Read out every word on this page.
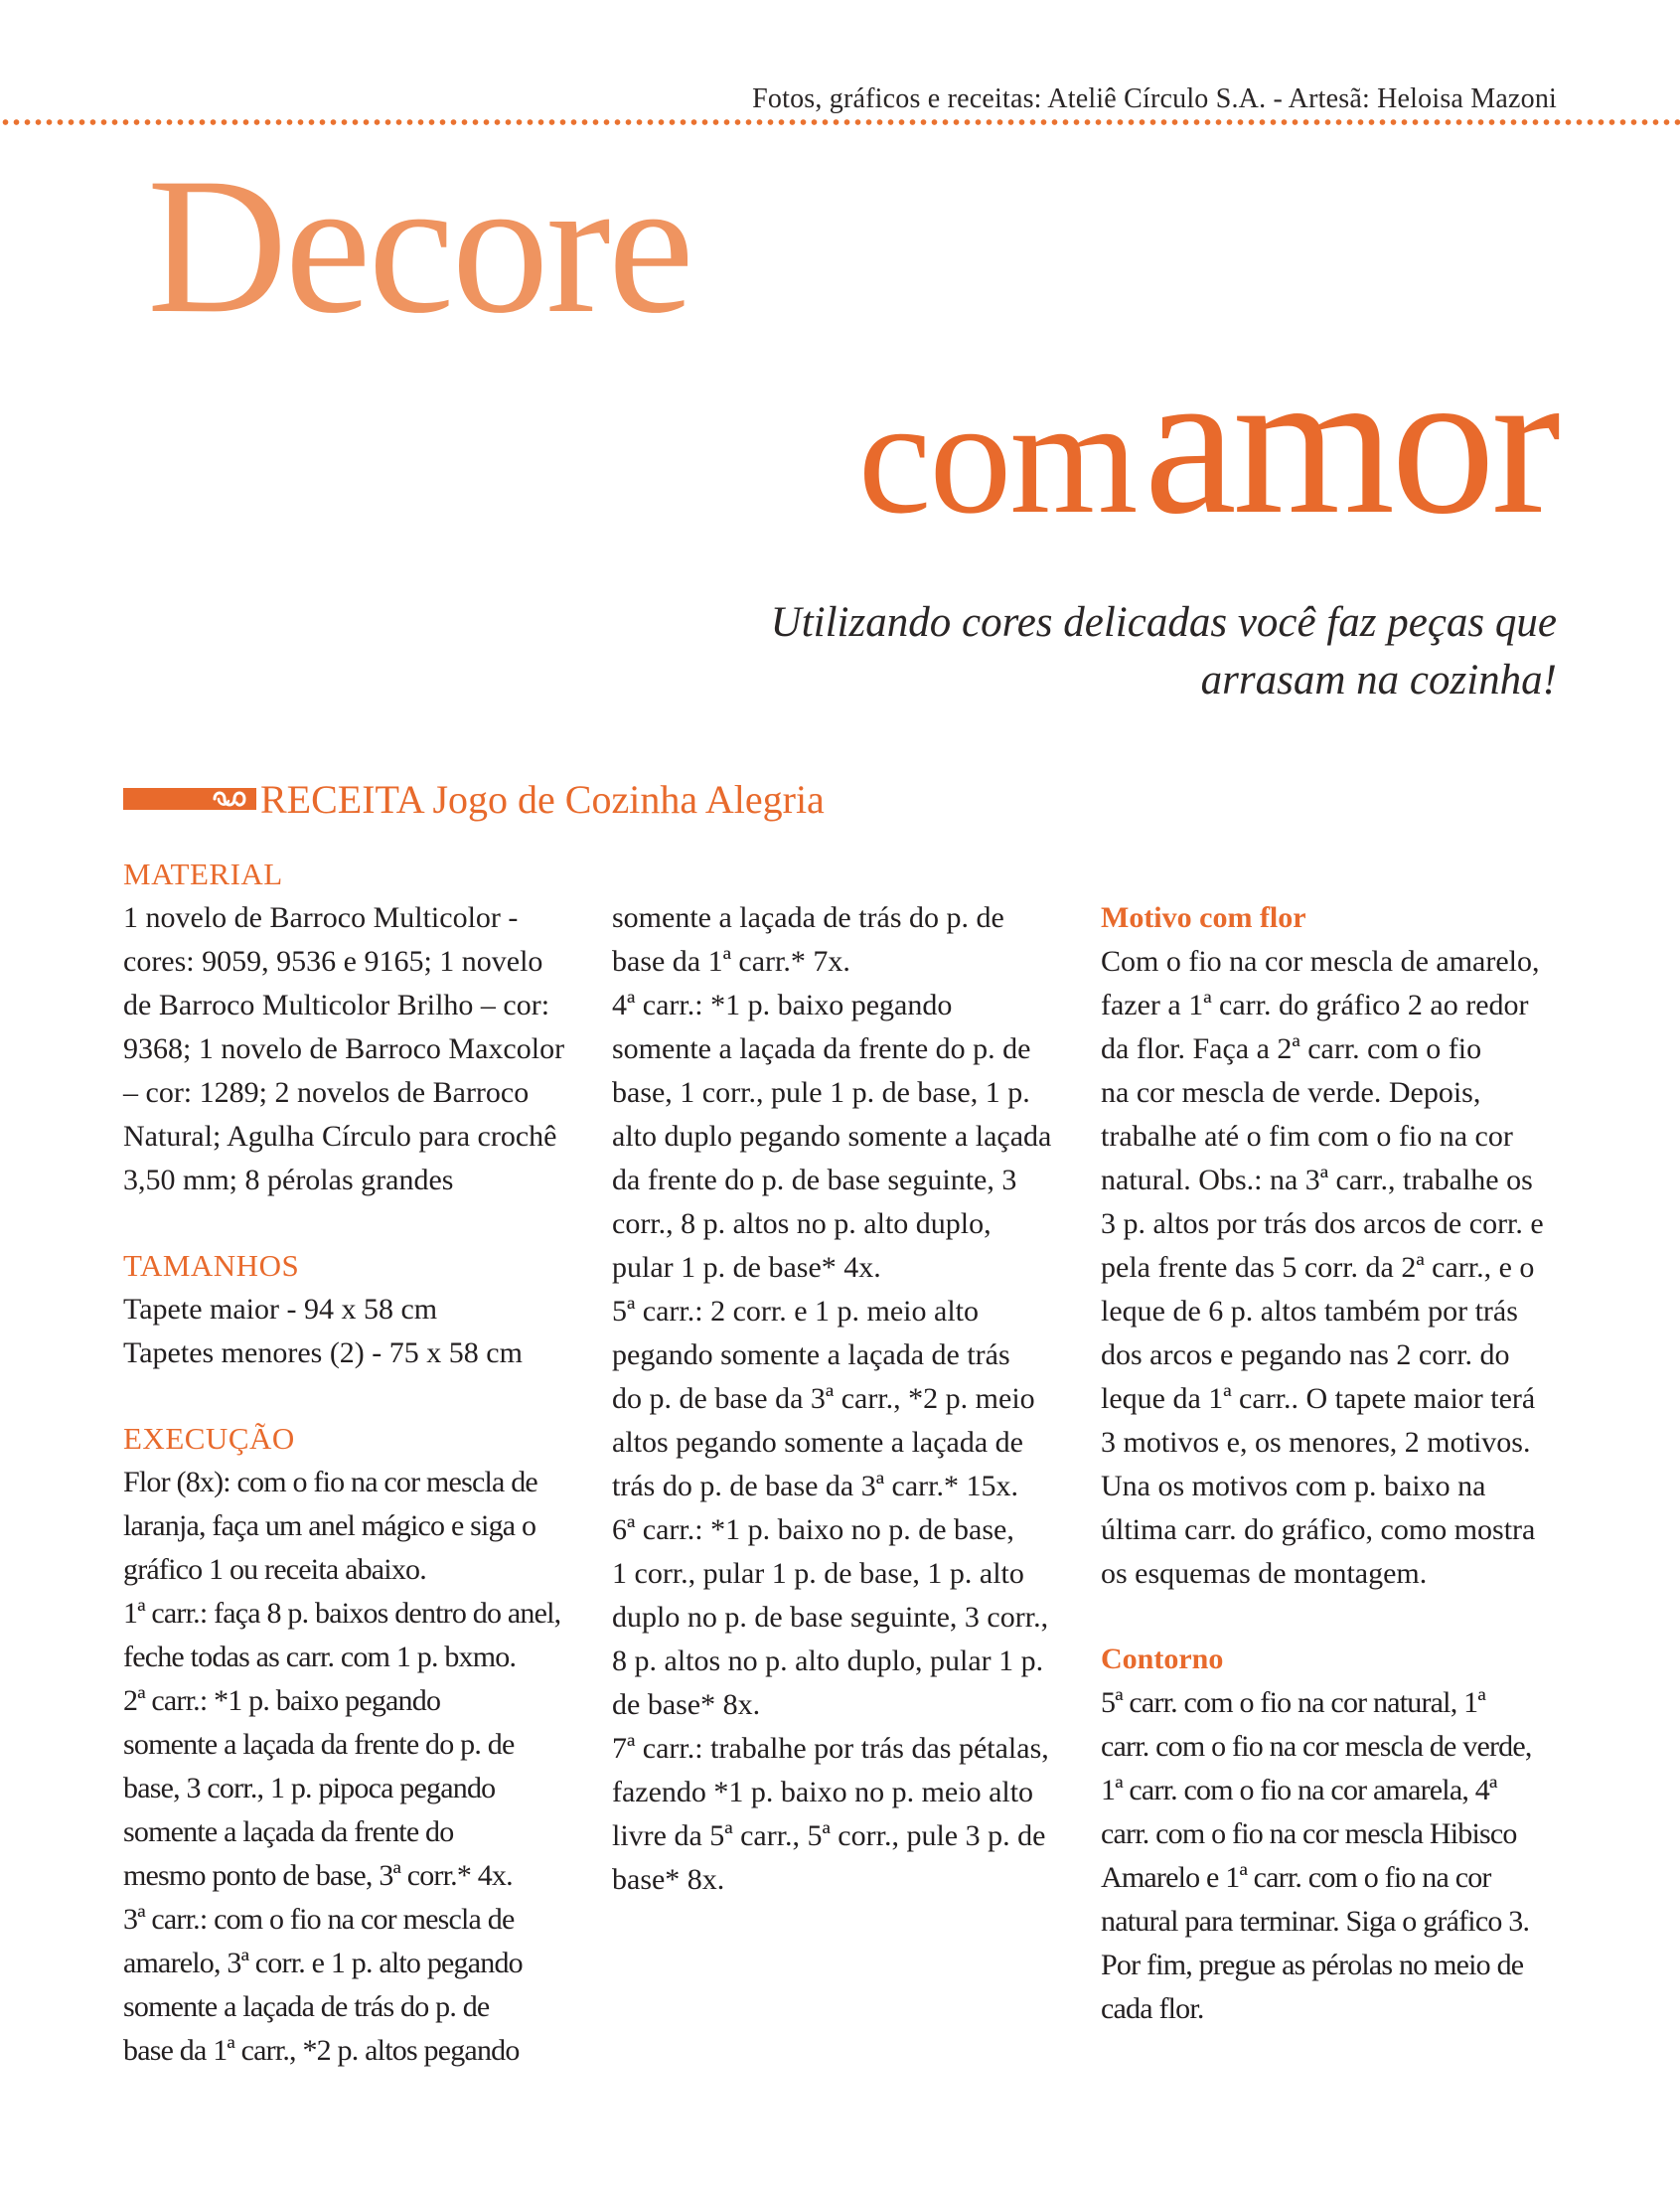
Fotos, gráficos e receitas: Ateliê Círculo S.A. - Artesã: Heloisa Mazoni
Decore
com amor
Utilizando cores delicadas você faz peças que
arrasam na cozinha!
RECEITA Jogo de Cozinha Alegria

MATERIAL

1 novelo de Barroco Multicolor -

cores: 9059, 9536 e 9165; 1 novelo

de Barroco Multicolor Brilho – cor:

9368; 1 novelo de Barroco Maxcolor

– cor: 1289; 2 novelos de Barroco

Natural; Agulha Círculo para crochê

3,50 mm; 8 pérolas grandes

TAMANHOS

Tapete maior - 94 x 58 cm

Tapetes menores (2) - 75 x 58 cm

EXECUÇÃO

Flor (8x): com o fio na cor mescla de

laranja, faça um anel mágico e siga o

gráfico 1 ou receita abaixo.

1ª carr.: faça 8 p. baixos dentro do anel,

feche todas as carr. com 1 p. bxmo.

2ª carr.: *1 p. baixo pegando

somente a laçada da frente do p. de

base, 3 corr., 1 p. pipoca pegando

somente a laçada da frente do

mesmo ponto de base, 3ª corr.* 4x.

3ª carr.: com o fio na cor mescla de

amarelo, 3ª corr. e 1 p. alto pegando

somente a laçada de trás do p. de

base da 1ª carr., *2 p. altos pegando

somente a laçada de trás do p. de

base da 1ª carr.* 7x.

4ª carr.: *1 p. baixo pegando

somente a laçada da frente do p. de

base, 1 corr., pule 1 p. de base, 1 p.

alto duplo pegando somente a laçada

da frente do p. de base seguinte, 3

corr., 8 p. altos no p. alto duplo,

pular 1 p. de base* 4x.

5ª carr.: 2 corr. e 1 p. meio alto

pegando somente a laçada de trás

do p. de base da 3ª carr., *2 p. meio

altos pegando somente a laçada de

trás do p. de base da 3ª carr.* 15x.

6ª carr.: *1 p. baixo no p. de base,

1 corr., pular 1 p. de base, 1 p. alto

duplo no p. de base seguinte, 3 corr.,

8 p. altos no p. alto duplo, pular 1 p.

de base* 8x.

7ª carr.: trabalhe por trás das pétalas,

fazendo *1 p. baixo no p. meio alto

livre da 5ª carr., 5ª corr., pule 3 p. de

base* 8x.

Motivo com flor

Com o fio na cor mescla de amarelo,

fazer a 1ª carr. do gráfico 2 ao redor

da flor. Faça a 2ª carr. com o fio

na cor mescla de verde. Depois,

trabalhe até o fim com o fio na cor

natural. Obs.: na 3ª carr., trabalhe os

3 p. altos por trás dos arcos de corr. e

pela frente das 5 corr. da 2ª carr., e o

leque de 6 p. altos também por trás

dos arcos e pegando nas 2 corr. do

leque da 1ª carr.. O tapete maior terá

3 motivos e, os menores, 2 motivos.

Una os motivos com p. baixo na

última carr. do gráfico, como mostra

os esquemas de montagem.

Contorno

5ª carr. com o fio na cor natural, 1ª

carr. com o fio na cor mescla de verde,

1ª carr. com o fio na cor amarela, 4ª

carr. com o fio na cor mescla Hibisco

Amarelo e 1ª carr. com o fio na cor

natural para terminar. Siga o gráfico 3.

Por fim, pregue as pérolas no meio de

cada flor.
